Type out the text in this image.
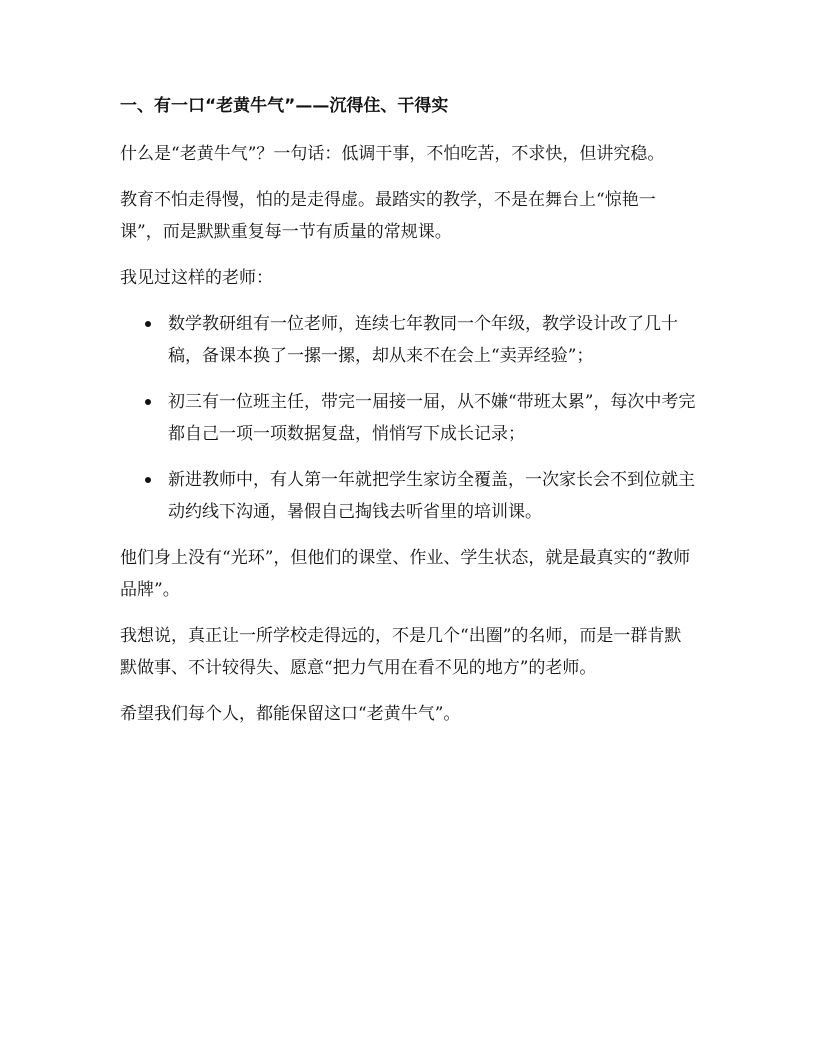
一、有一口“老黄牛气”——沉得住、干得实

什么是“老黄牛气”？一句话：低调干事，不怕吃苦，不求快，但讲究稳。

教育不怕走得慢，怕的是走得虚。最踏实的教学，不是在舞台上“惊艳一课”，而是默默重复每一节有质量的常规课。

我见过这样的老师：

数学教研组有一位老师，连续七年教同一个年级，教学设计改了几十稿，备课本换了一摞一摞，却从来不在会上“卖弄经验”；
初三有一位班主任，带完一届接一届，从不嫌“带班太累”，每次中考完都自己一项一项数据复盘，悄悄写下成长记录；
新进教师中，有人第一年就把学生家访全覆盖，一次家长会不到位就主动约线下沟通，暑假自己掏钱去听省里的培训课。

他们身上没有“光环”，但他们的课堂、作业、学生状态，就是最真实的“教师品牌”。

我想说，真正让一所学校走得远的，不是几个“出圈”的名师，而是一群肯默默做事、不计较得失、愿意“把力气用在看不见的地方”的老师。

希望我们每个人，都能保留这口“老黄牛气”。
